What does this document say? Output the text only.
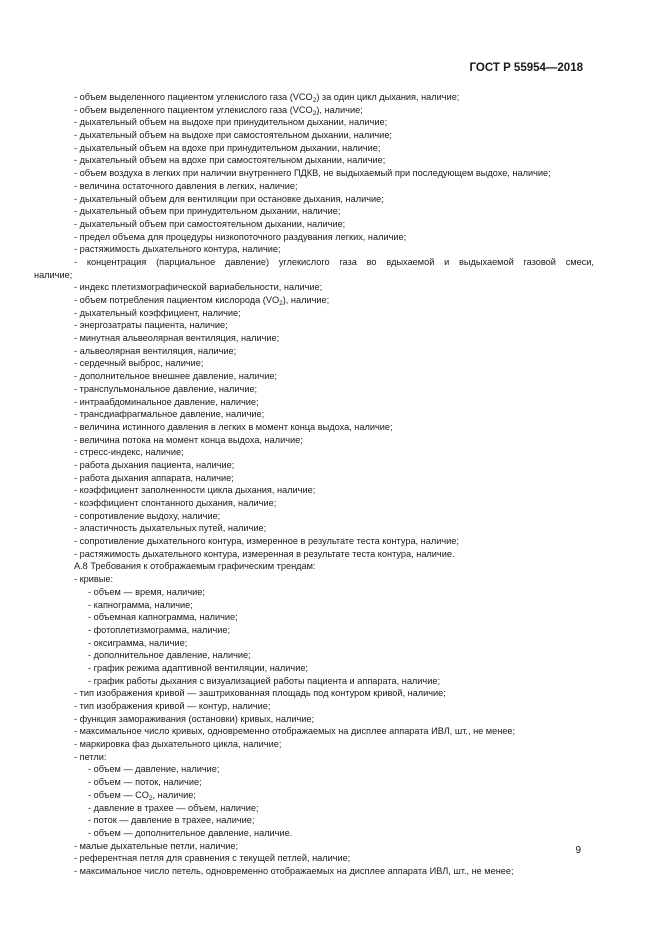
ГОСТ Р 55954—2018
- объем выделенного пациентом углекислого газа $(VCO_2)$ за один цикл дыхания, наличие;
- объем выделенного пациентом углекислого газа $(VCO_2)$, наличие;
- дыхательный объем на выдохе при принудительном дыхании, наличие;
- дыхательный объем на выдохе при самостоятельном дыхании, наличие;
- дыхательный объем на вдохе при принудительном дыхании, наличие;
- дыхательный объем на вдохе при самостоятельном дыхании, наличие;
- объем воздуха в легких при наличии внутреннего ПДКВ, не выдыхаемый при последующем выдохе, наличие;
- величина остаточного давления в легких, наличие;
- дыхательный объем для вентиляции при остановке дыхания, наличие;
- дыхательный объем при принудительном дыхании, наличие;
- дыхательный объем при самостоятельном дыхании, наличие;
- предел объема для процедуры низкопоточного раздувания легких, наличие;
- растяжимость дыхательного контура, наличие;
- концентрация (парциальное давление) углекислого газа во вдыхаемой и выдыхаемой газовой смеси,
наличие;
- индекс плетизмографической вариабельности, наличие;
- объем потребления пациентом кислорода $(VO_2)$, наличие;
- дыхательный коэффициент, наличие;
- энергозатраты пациента, наличие;
- минутная альвеолярная вентиляция, наличие;
- альвеолярная вентиляция, наличие;
- сердечный выброс, наличие;
- дополнительное внешнее давление, наличие;
- транспульмональное давление, наличие;
- интраабдоминальное давление, наличие;
- трансдиафрагмальное давление, наличие;
- величина истинного давления в легких в момент конца выдоха, наличие;
- величина потока на момент конца выдоха, наличие;
- стресс-индекс, наличие;
- работа дыхания пациента, наличие;
- работа дыхания аппарата, наличие;
- коэффициент заполненности цикла дыхания, наличие;
- коэффициент спонтанного дыхания, наличие;
- сопротивление выдоху, наличие;
- эластичность дыхательных путей, наличие;
- сопротивление дыхательного контура, измеренное в результате теста контура, наличие;
- растяжимость дыхательного контура, измеренная в результате теста контура, наличие.
А.8 Требования к отображаемым графическим трендам:
- кривые:
- объем — время, наличие;
- капнограмма, наличие;
- объемная капнограмма, наличие;
- фотоплетизмограмма, наличие;
- оксиграмма, наличие;
- дополнительное давление, наличие;
- график режима адаптивной вентиляции, наличие;
- график работы дыхания с визуализацией работы пациента и аппарата, наличие;
- тип изображения кривой — заштрихованная площадь под контуром кривой, наличие;
- тип изображения кривой — контур, наличие;
- функция замораживания (остановки) кривых, наличие;
- максимальное число кривых, одновременно отображаемых на дисплее аппарата ИВЛ, шт., не менее;
- маркировка фаз дыхательного цикла, наличие;
- петли:
- объем — давление, наличие;
- объем — поток, наличие;
- объем — $CO_2$, наличие;
- давление в трахее — объем, наличие;
- поток — давление в трахее, наличие;
- объем — дополнительное давление, наличие.
- малые дыхательные петли, наличие;
- референтная петля для сравнения с текущей петлей, наличие;
- максимальное число петель, одновременно отображаемых на дисплее аппарата ИВЛ, шт., не менее;
9
